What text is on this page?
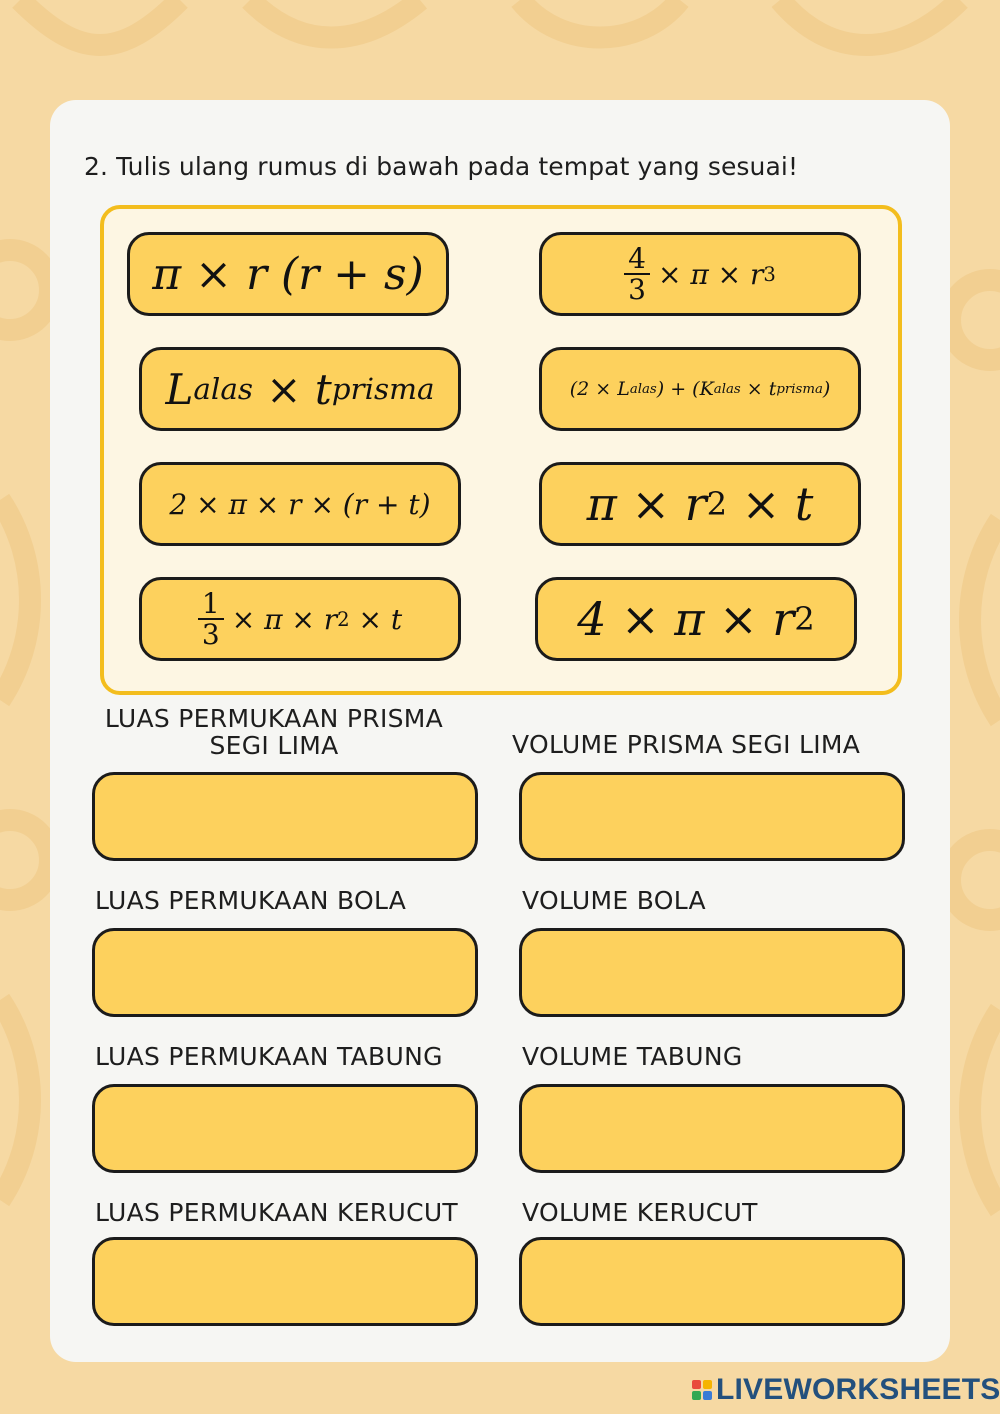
2. Tulis ulang rumus di bawah pada tempat yang sesuai!
π × r (r + s)	$\frac{4}{3} \times \pi \times r$ 3
L alas
×
t prisma	(2 × L alas ) + (K alas
× t prisma )
2 × π × r × (r + t)	π × r 2
× t
$\frac{1}{3} \times \pi \times r$ 2
× t	4 × π × r 2
LUAS PERMUKAAN PRISMA SEGI LIMA	VOLUME PRISMA SEGI LIMA
LUAS PERMUKAAN BOLA	VOLUME BOLA
LUAS PERMUKAAN TABUNG	VOLUME TABUNG
LUAS PERMUKAAN KERUCUT	VOLUME KERUCUT
LIVEWORKSHEETS
